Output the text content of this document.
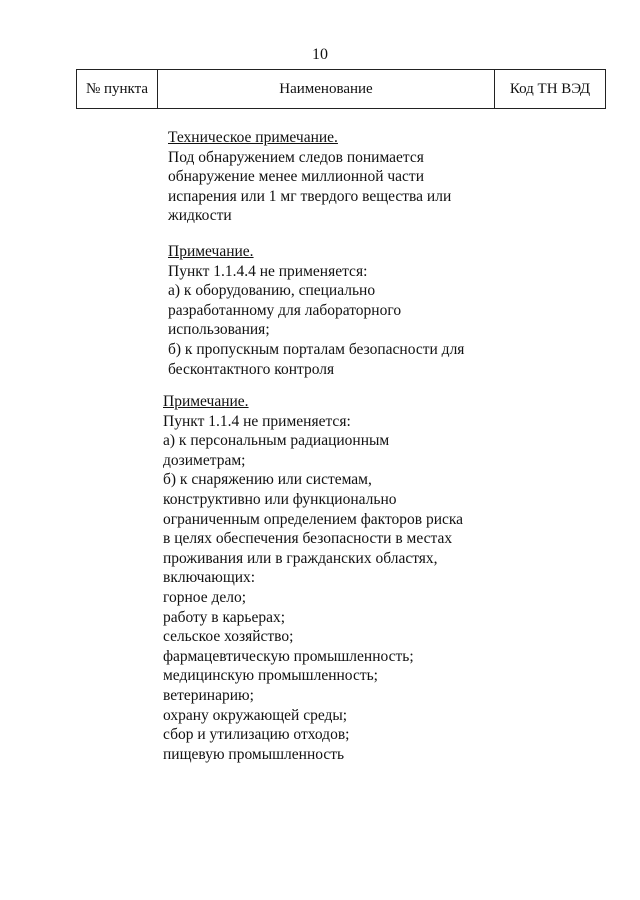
10
№ пункта	Наименование	Код ТН ВЭД
Техническое примечание.
Под обнаружением следов понимается
обнаружение менее миллионной части
испарения или 1 мг твердого вещества или
жидкости
Примечание.
Пункт 1.1.4.4 не применяется:
а) к оборудованию, специально
разработанному для лабораторного
использования;
б) к пропускным порталам безопасности для
бесконтактного контроля
Примечание.
Пункт 1.1.4 не применяется:
а) к персональным радиационным
дозиметрам;
б) к снаряжению или системам,
конструктивно или функционально
ограниченным определением факторов риска
в целях обеспечения безопасности в местах
проживания или в гражданских областях,
включающих:
горное дело;
работу в карьерах;
сельское хозяйство;
фармацевтическую промышленность;
медицинскую промышленность;
ветеринарию;
охрану окружающей среды;
сбор и утилизацию отходов;
пищевую промышленность
